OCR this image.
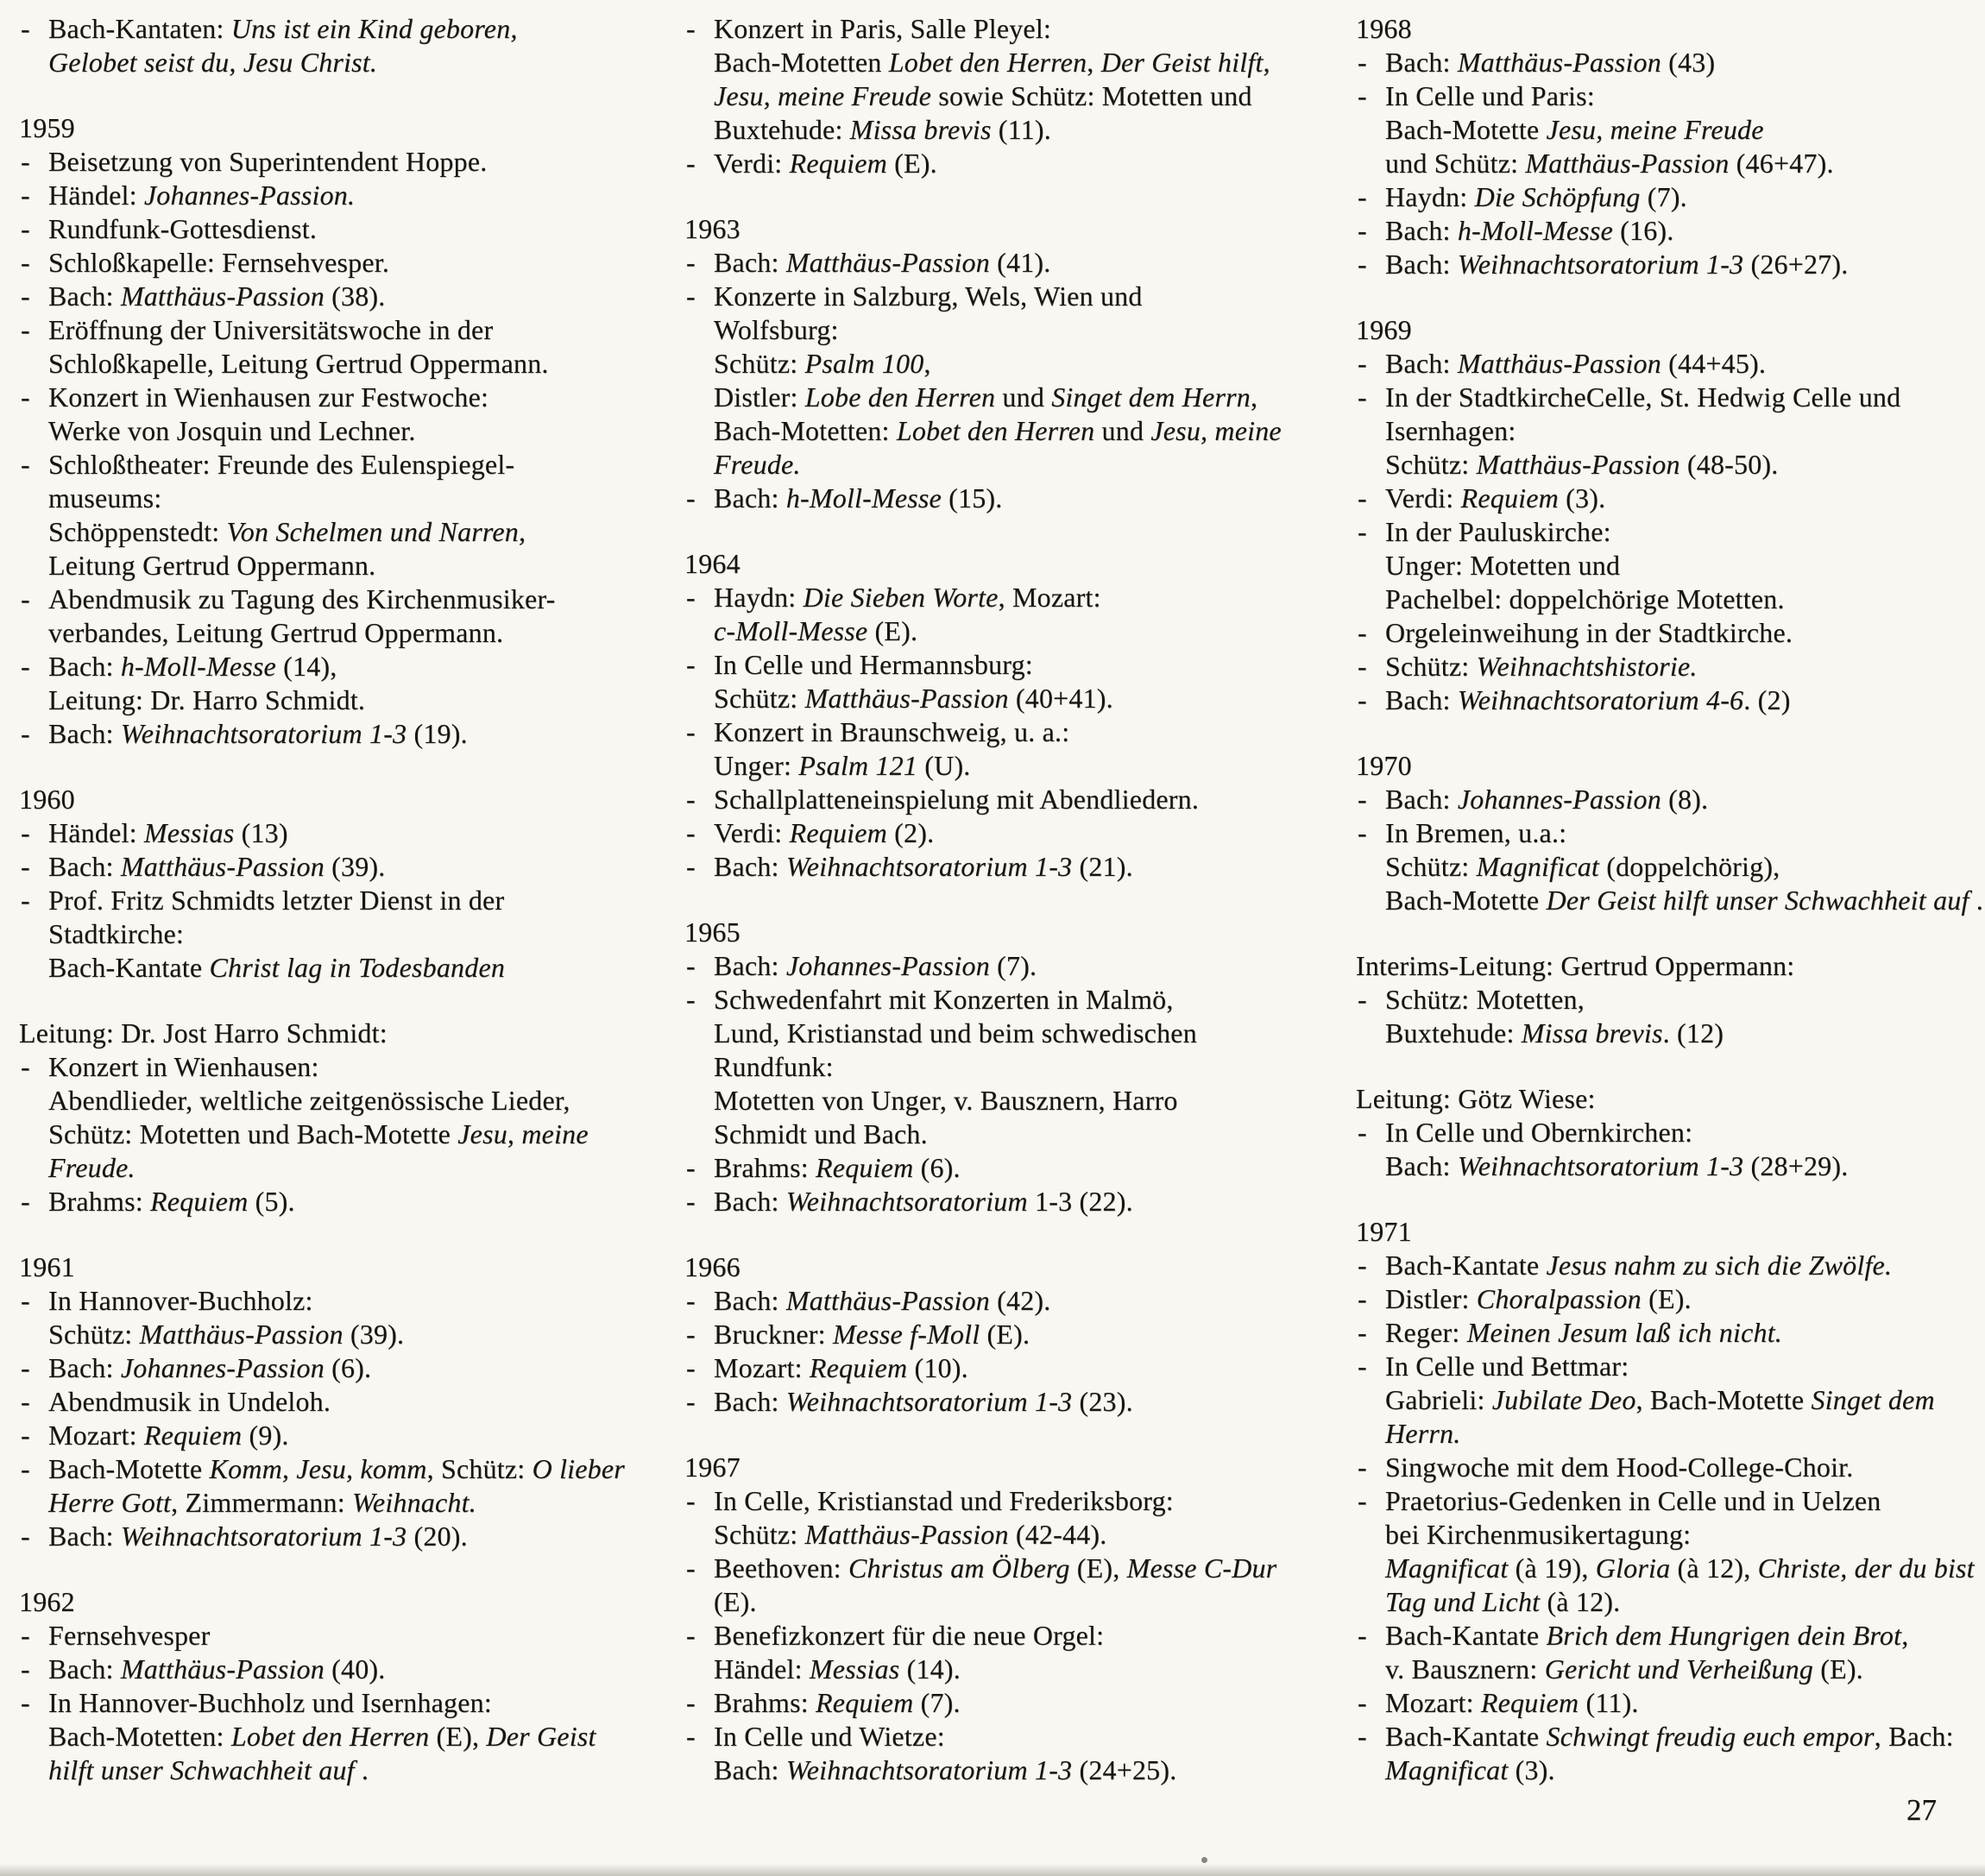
- Bach-Kantaten: Uns ist ein Kind geboren,
Gelobet seist du, Jesu Christ.
1959
- Beisetzung von Superintendent Hoppe.
- Händel: Johannes-Passion.
- Rundfunk-Gottesdienst.
- Schloßkapelle: Fernsehvesper.
- Bach: Matthäus-Passion (38).
- Eröffnung der Universitätswoche in der
Schloßkapelle, Leitung Gertrud Oppermann.
- Konzert in Wienhausen zur Festwoche:
Werke von Josquin und Lechner.
- Schloßtheater: Freunde des Eulenspiegel-
museums:
Schöppenstedt: Von Schelmen und Narren,
Leitung Gertrud Oppermann.
- Abendmusik zu Tagung des Kirchenmusiker-
verbandes, Leitung Gertrud Oppermann.
- Bach: h-Moll-Messe (14),
Leitung: Dr. Harro Schmidt.
- Bach: Weihnachtsoratorium 1-3 (19).
1960
- Händel: Messias (13)
- Bach: Matthäus-Passion (39).
- Prof. Fritz Schmidts letzter Dienst in der
Stadtkirche:
Bach-Kantate Christ lag in Todesbanden
Leitung: Dr. Jost Harro Schmidt:
- Konzert in Wienhausen:
Abendlieder, weltliche zeitgenössische Lieder,
Schütz: Motetten und Bach-Motette Jesu, meine
Freude.
- Brahms: Requiem (5).
1961
- In Hannover-Buchholz:
Schütz: Matthäus-Passion (39).
- Bach: Johannes-Passion (6).
- Abendmusik in Undeloh.
- Mozart: Requiem (9).
- Bach-Motette Komm, Jesu, komm, Schütz: O lieber
Herre Gott, Zimmermann: Weihnacht.
- Bach: Weihnachtsoratorium 1-3 (20).
1962
- Fernsehvesper
- Bach: Matthäus-Passion (40).
- In Hannover-Buchholz und Isernhagen:
Bach-Motetten: Lobet den Herren (E), Der Geist
hilft unser Schwachheit auf .
- Konzert in Paris, Salle Pleyel:
Bach-Motetten Lobet den Herren, Der Geist hilft,
Jesu, meine Freude sowie Schütz: Motetten und
Buxtehude: Missa brevis (11).
- Verdi: Requiem (E).
1963
- Bach: Matthäus-Passion (41).
- Konzerte in Salzburg, Wels, Wien und
Wolfsburg:
Schütz: Psalm 100,
Distler: Lobe den Herren und Singet dem Herrn,
Bach-Motetten: Lobet den Herren und Jesu, meine
Freude.
- Bach: h-Moll-Messe (15).
1964
- Haydn: Die Sieben Worte, Mozart:
c-Moll-Messe (E).
- In Celle und Hermannsburg:
Schütz: Matthäus-Passion (40+41).
- Konzert in Braunschweig, u. a.:
Unger: Psalm 121 (U).
- Schallplatteneinspielung mit Abendliedern.
- Verdi: Requiem (2).
- Bach: Weihnachtsoratorium 1-3 (21).
1965
- Bach: Johannes-Passion (7).
- Schwedenfahrt mit Konzerten in Malmö,
Lund, Kristianstad und beim schwedischen
Rundfunk:
Motetten von Unger, v. Bausznern, Harro
Schmidt und Bach.
- Brahms: Requiem (6).
- Bach: Weihnachtsoratorium 1-3 (22).
1966
- Bach: Matthäus-Passion (42).
- Bruckner: Messe f-Moll (E).
- Mozart: Requiem (10).
- Bach: Weihnachtsoratorium 1-3 (23).
1967
- In Celle, Kristianstad und Frederiksborg:
Schütz: Matthäus-Passion (42-44).
- Beethoven: Christus am Ölberg (E), Messe C-Dur
(E).
- Benefizkonzert für die neue Orgel:
Händel: Messias (14).
- Brahms: Requiem (7).
- In Celle und Wietze:
Bach: Weihnachtsoratorium 1-3 (24+25).
1968
- Bach: Matthäus-Passion (43)
- In Celle und Paris:
Bach-Motette Jesu, meine Freude
und Schütz: Matthäus-Passion (46+47).
- Haydn: Die Schöpfung (7).
- Bach: h-Moll-Messe (16).
- Bach: Weihnachtsoratorium 1-3 (26+27).
1969
- Bach: Matthäus-Passion (44+45).
- In der StadtkircheCelle, St. Hedwig Celle und
Isernhagen:
Schütz: Matthäus-Passion (48-50).
- Verdi: Requiem (3).
- In der Pauluskirche:
Unger: Motetten und
Pachelbel: doppelchörige Motetten.
- Orgeleinweihung in der Stadtkirche.
- Schütz: Weihnachtshistorie.
- Bach: Weihnachtsoratorium 4-6. (2)
1970
- Bach: Johannes-Passion (8).
- In Bremen, u.a.:
Schütz: Magnificat (doppelchörig),
Bach-Motette Der Geist hilft unser Schwachheit auf .
Interims-Leitung: Gertrud Oppermann:
- Schütz: Motetten,
Buxtehude: Missa brevis. (12)
Leitung: Götz Wiese:
- In Celle und Obernkirchen:
Bach: Weihnachtsoratorium 1-3 (28+29).
1971
- Bach-Kantate Jesus nahm zu sich die Zwölfe.
- Distler: Choralpassion (E).
- Reger: Meinen Jesum laß ich nicht.
- In Celle und Bettmar:
Gabrieli: Jubilate Deo, Bach-Motette Singet dem
Herrn.
- Singwoche mit dem Hood-College-Choir.
- Praetorius-Gedenken in Celle und in Uelzen
bei Kirchenmusikertagung:
Magnificat (à 19), Gloria (à 12), Christe, der du bist
Tag und Licht (à 12).
- Bach-Kantate Brich dem Hungrigen dein Brot,
v. Bausznern: Gericht und Verheißung (E).
- Mozart: Requiem (11).
- Bach-Kantate Schwingt freudig euch empor, Bach:
Magnificat (3).
27
